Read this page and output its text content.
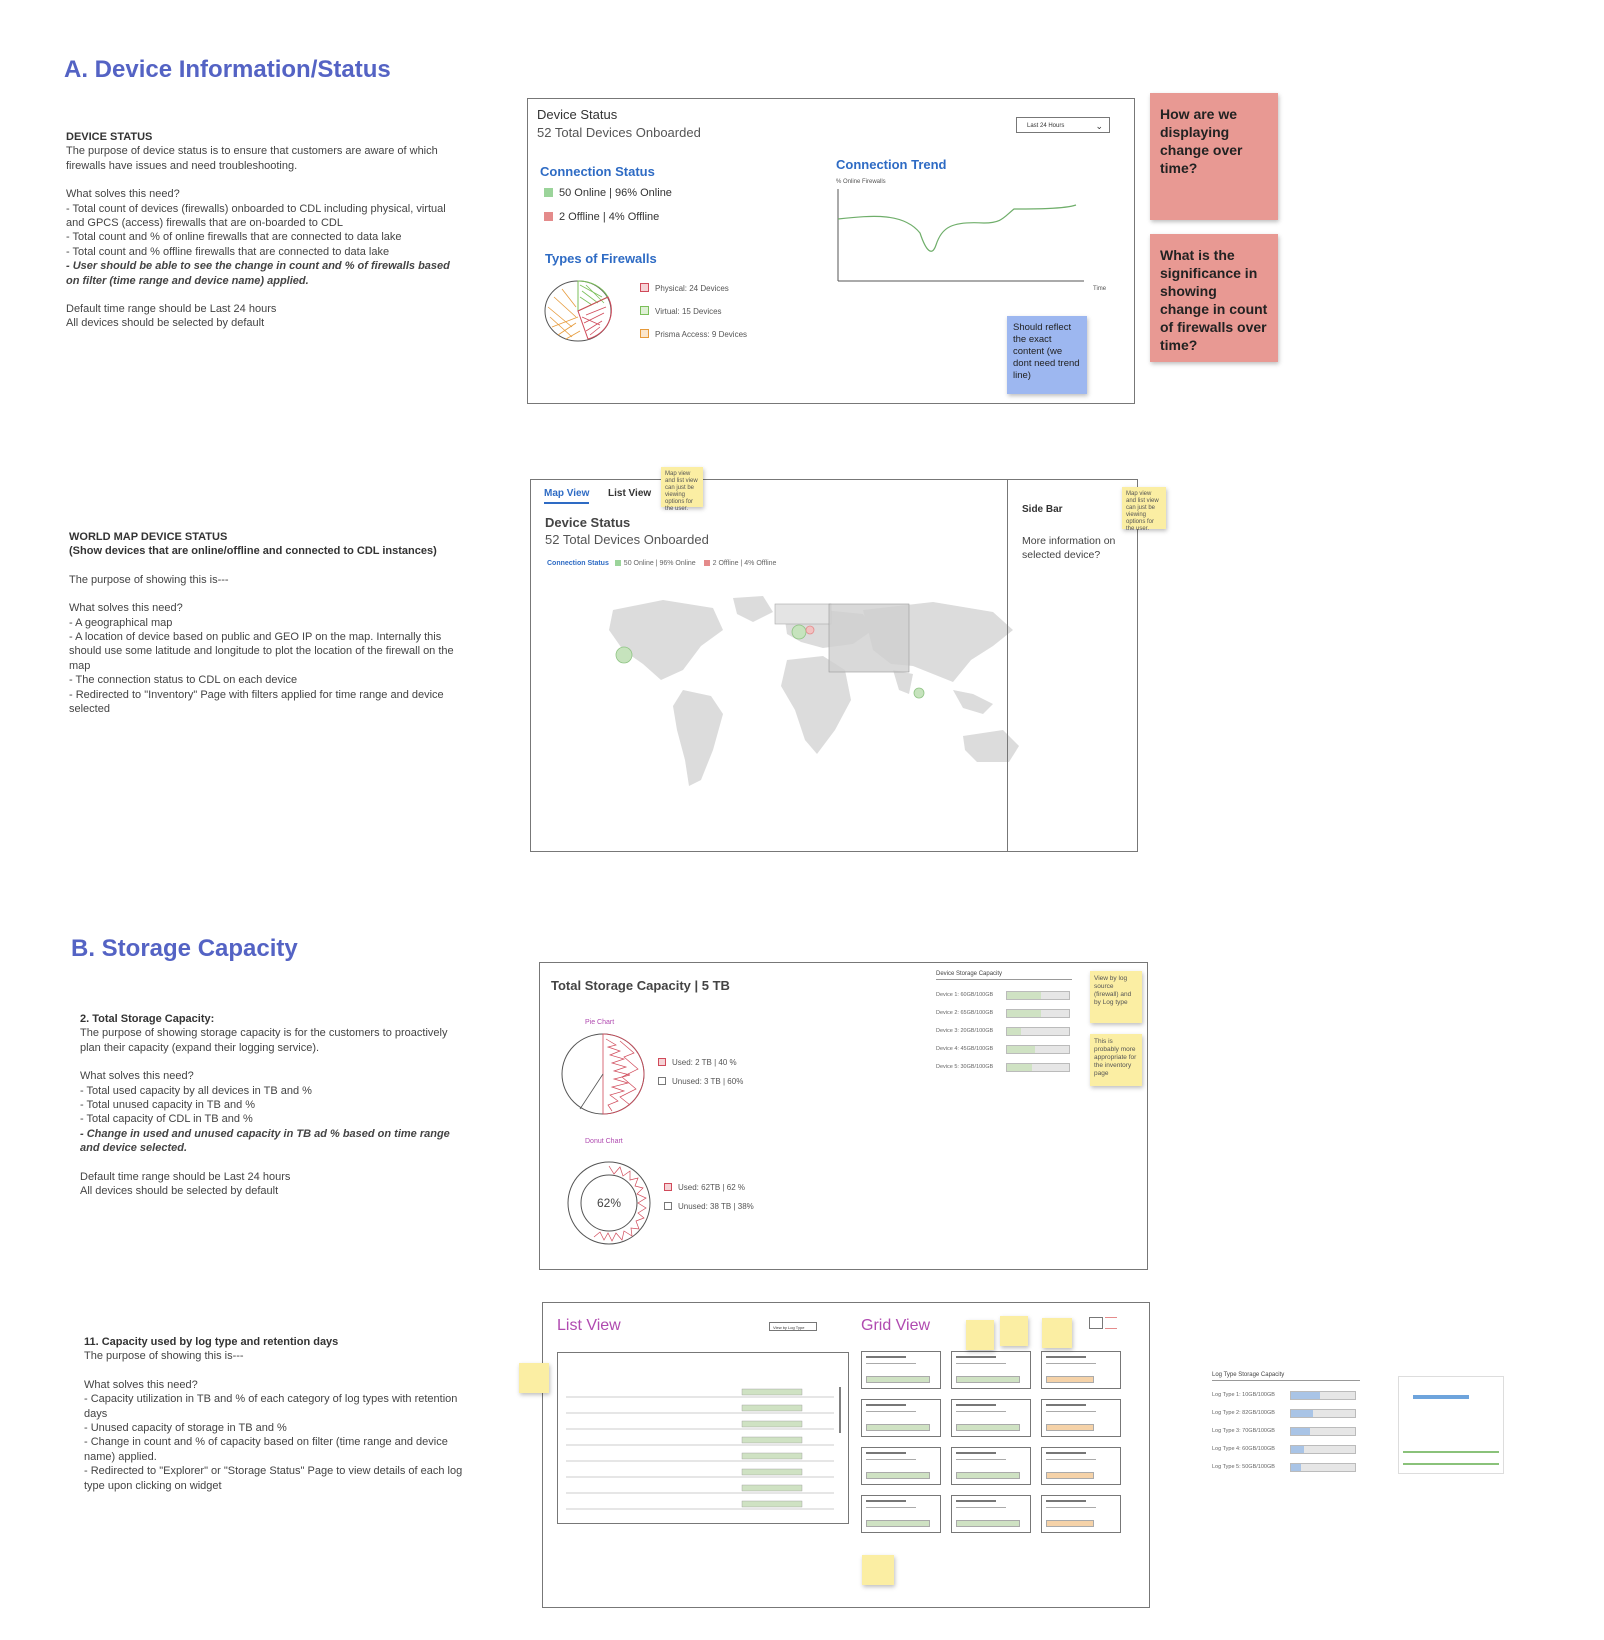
A. Device Information/Status
DEVICE STATUS
The purpose of device status is to ensure that customers are aware of which firewalls have issues and need troubleshooting.
What solves this need?
- Total count of devices (firewalls) onboarded to CDL including physical, virtual and GPCS (access) firewalls that are on-boarded to CDL
- Total count and % of online firewalls that are connected to data lake
- Total count and % offline firewalls that are connected to data lake
- User should be able to see the change in count and % of firewalls based on filter (time range and device name) applied.
Default time range should be Last 24 hours
All devices should be selected by default
Device Status
52 Total Devices Onboarded	Last 24 Hours	⌄
Connection Status
50 Online | 96% Online
2 Offline | 4% Offline
Types of Firewalls
Physical: 24 Devices
Virtual: 15 Devices
Prisma Access: 9 Devices
Connection Trend
% Online Firewalls
Time
How are we displaying change over time?
What is the significance in showing change in count of firewalls over time?
Should reflect the exact content (we dont need trend line)
WORLD MAP DEVICE STATUS
(Show devices that are online/offline and connected to CDL instances)
The purpose of showing this is---
What solves this need?
- A geographical map
- A location of device based on public and GEO IP on the map. Internally this should use some latitude and longitude to plot the location of the firewall on the map
- The connection status to CDL on each device
- Redirected to "Inventory" Page with filters applied for time range and device selected
Map View List View
Device Status
52 Total Devices Onboarded
Connection Status 50 Online | 96% Online 2 Offline | 4% Offline
Side Bar
More information on selected device?
Map view and list view can just be viewing options for the user.
Map view and list view can just be viewing options for the user.
B. Storage Capacity
2. Total Storage Capacity:
The purpose of showing storage capacity is for the customers to proactively plan their capacity (expand their logging service).
What solves this need?
- Total used capacity by all devices in TB and %
- Total unused capacity in TB and %
- Total capacity of CDL in TB and %
- Change in used and unused capacity in TB ad % based on time range and device selected.
Default time range should be Last 24 hours
All devices should be selected by default
Total Storage Capacity | 5 TB
Pie Chart
Used: 2 TB | 40 %
Unused: 3 TB | 60%
Donut Chart
62%
Used: 62TB | 62 %
Unused: 38 TB | 38%
Device Storage Capacity
Device 1: 60GB/100GB
Device 2: 65GB/100GB
Device 3: 20GB/100GB
Device 4: 45GB/100GB
Device 5: 30GB/100GB
View by log source (firewall) and by Log type
This is probably more appropriate for the inventory page
11. Capacity used by log type and retention days
The purpose of showing this is---
What solves this need?
- Capacity utilization in TB and % of each category of log types with retention days
- Unused capacity of storage in TB and %
- Change in count and % of capacity based on filter (time range and device name) applied.
- Redirected to "Explorer" or "Storage Status" Page to view details of each log type upon clicking on widget
List View	View by Log Type	Grid View
Log Type Storage Capacity
Log Type 1: 10GB/100GB
Log Type 2: 82GB/100GB
Log Type 3: 70GB/100GB
Log Type 4: 60GB/100GB
Log Type 5: 50GB/100GB
